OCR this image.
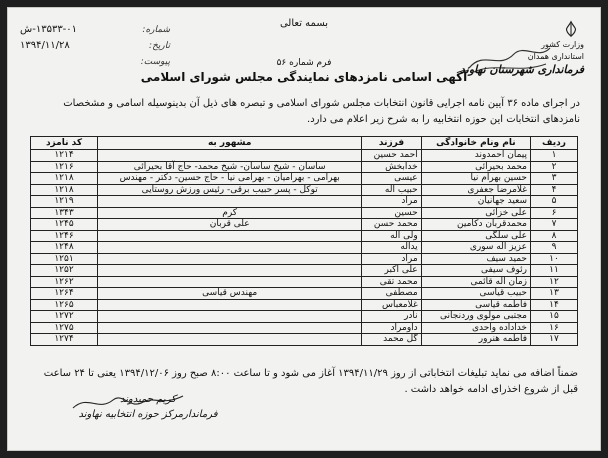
بسمه تعالی
وزارت کشور
استانداری همدان
فرمانداری شهرستان نهاوند
شماره:
۱۳۵۳۳-۰۱-ش
تاریخ:
۱۳۹۴/۱۱/۲۸
پیوست:	فرم شماره ۵۶
آگهی اسامی نامزدهای نمایندگی مجلس شورای اسلامی
در اجرای ماده ۳۶ آیین نامه اجرایی قانون انتخابات مجلس شورای اسلامی و تبصره های ذیل آن بدینوسیله اسامی و مشخصات نامزدهای انتخابات این حوزه انتخابیه را به شرح زیر اعلام می دارد.
ردیف	نام ونام خانوادگی	فرزند	مشهور به	کد نامزد
۱	پیمان احمدوند	احمد حسین		۱۲۱۴
۲	محمد بحیرائی	خدابخش	ساسان - شیخ ساسان- شیخ محمد- حاج آقا بحیرائی	۱۲۱۶
۳	حسین بهرام نیا	عیسی	بهرامی - بهرامیان - بهرامی نیا - حاج حسین- دکتر - مهندس	۱۲۱۸
۴	غلامرضا جعفری	حبیب اله	توکل - پسر حبیب برقی- رئیس ورزش روستایی	۱۲۱۸
۵	سعید جهانیان	مراد		۱۲۱۹
۶	علی خزائی	حسین	کرم	۱۳۴۳
۷	محمدقربان دکامین	محمد حسن	علی قربان	۱۲۴۵
۸	علی سلگی	ولی اله		۱۲۴۶
۹	عزیز اله سوری	یداله		۱۲۴۸
۱۰	حمید سیف	مراد		۱۲۵۱
۱۱	رئوف سیفی	علی اکبر		۱۲۵۲
۱۲	زمان اله قائمی	محمد تقی		۱۲۶۲
۱۳	حبیب قیاسی	مصطفی	مهندس قیاسی	۱۲۶۴
۱۴	فاطمه قیاسی	غلامعباس		۱۲۶۵
۱۵	مجتبی مولوی وردنجانی	نادر		۱۲۷۲
۱۶	خداداده واحدی	داومراد		۱۲۷۵
۱۷	فاطمه هنرور	گل محمد		۱۲۷۴
ضمناً اضافه می نماید تبلیغات انتخاباتی از روز ۱۳۹۴/۱۱/۲۹ آغاز می شود و تا ساعت ۸:۰۰ صبح روز ۱۳۹۴/۱۲/۰۶ یعنی تا ۲۴ ساعت قبل از شروع اخذرای ادامه خواهد داشت .
کریم حمیدوند
فرماندارمرکز حوزه انتخابیه نهاوند
